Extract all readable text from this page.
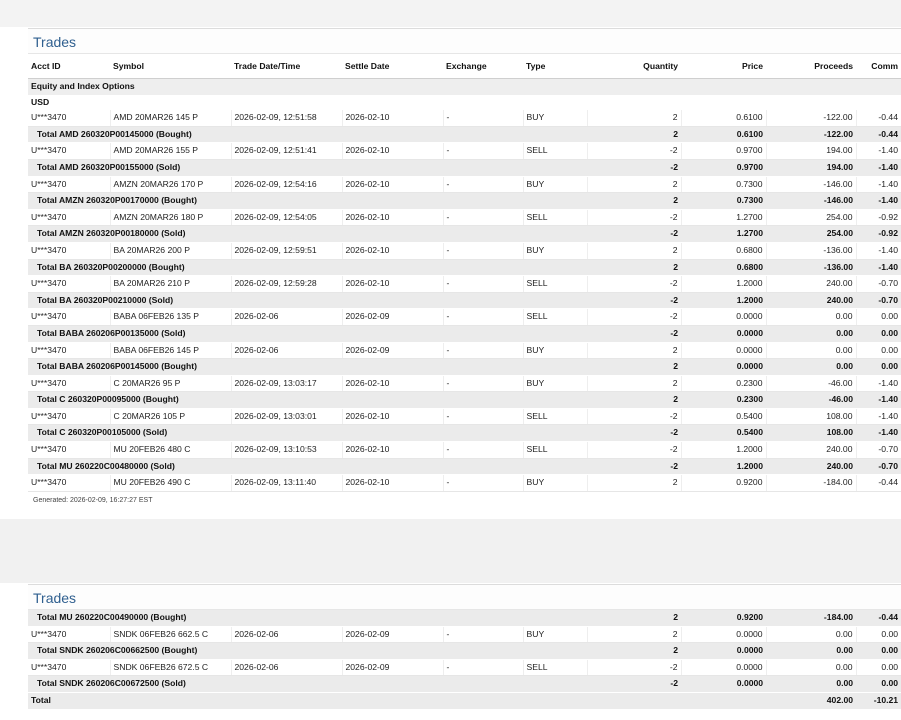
Trades
Acct ID	Symbol	Trade Date/Time	Settle Date	Exchange	Type	Quantity	Price	Proceeds	Comm
Equity and Index Options									
USD									
U***3470	AMD 20MAR26 145 P	2026-02-09, 12:51:58	2026-02-10	-	BUY	2	0.6100	-122.00	-0.44
Total AMD 260320P00145000 (Bought)						2	0.6100	-122.00	-0.44
U***3470	AMD 20MAR26 155 P	2026-02-09, 12:51:41	2026-02-10	-	SELL	-2	0.9700	194.00	-1.40
Total AMD 260320P00155000 (Sold)						-2	0.9700	194.00	-1.40
U***3470	AMZN 20MAR26 170 P	2026-02-09, 12:54:16	2026-02-10	-	BUY	2	0.7300	-146.00	-1.40
Total AMZN 260320P00170000 (Bought)						2	0.7300	-146.00	-1.40
U***3470	AMZN 20MAR26 180 P	2026-02-09, 12:54:05	2026-02-10	-	SELL	-2	1.2700	254.00	-0.92
Total AMZN 260320P00180000 (Sold)						-2	1.2700	254.00	-0.92
U***3470	BA 20MAR26 200 P	2026-02-09, 12:59:51	2026-02-10	-	BUY	2	0.6800	-136.00	-1.40
Total BA 260320P00200000 (Bought)						2	0.6800	-136.00	-1.40
U***3470	BA 20MAR26 210 P	2026-02-09, 12:59:28	2026-02-10	-	SELL	-2	1.2000	240.00	-0.70
Total BA 260320P00210000 (Sold)						-2	1.2000	240.00	-0.70
U***3470	BABA 06FEB26 135 P	2026-02-06	2026-02-09	-	SELL	-2	0.0000	0.00	0.00
Total BABA 260206P00135000 (Sold)						-2	0.0000	0.00	0.00
U***3470	BABA 06FEB26 145 P	2026-02-06	2026-02-09	-	BUY	2	0.0000	0.00	0.00
Total BABA 260206P00145000 (Bought)						2	0.0000	0.00	0.00
U***3470	C 20MAR26 95 P	2026-02-09, 13:03:17	2026-02-10	-	BUY	2	0.2300	-46.00	-1.40
Total C 260320P00095000 (Bought)						2	0.2300	-46.00	-1.40
U***3470	C 20MAR26 105 P	2026-02-09, 13:03:01	2026-02-10	-	SELL	-2	0.5400	108.00	-1.40
Total C 260320P00105000 (Sold)						-2	0.5400	108.00	-1.40
U***3470	MU 20FEB26 480 C	2026-02-09, 13:10:53	2026-02-10	-	SELL	-2	1.2000	240.00	-0.70
Total MU 260220C00480000 (Sold)						-2	1.2000	240.00	-0.70
U***3470	MU 20FEB26 490 C	2026-02-09, 13:11:40	2026-02-10	-	BUY	2	0.9200	-184.00	-0.44
Generated: 2026-02-09, 16:27:27 EST
Trades
Total MU 260220C00490000 (Bought)						2	0.9200	-184.00	-0.44
U***3470	SNDK 06FEB26 662.5 C	2026-02-06	2026-02-09	-	BUY	2	0.0000	0.00	0.00
Total SNDK 260206C00662500 (Bought)						2	0.0000	0.00	0.00
U***3470	SNDK 06FEB26 672.5 C	2026-02-06	2026-02-09	-	SELL	-2	0.0000	0.00	0.00
Total SNDK 260206C00672500 (Sold)						-2	0.0000	0.00	0.00
Total								402.00	-10.21
